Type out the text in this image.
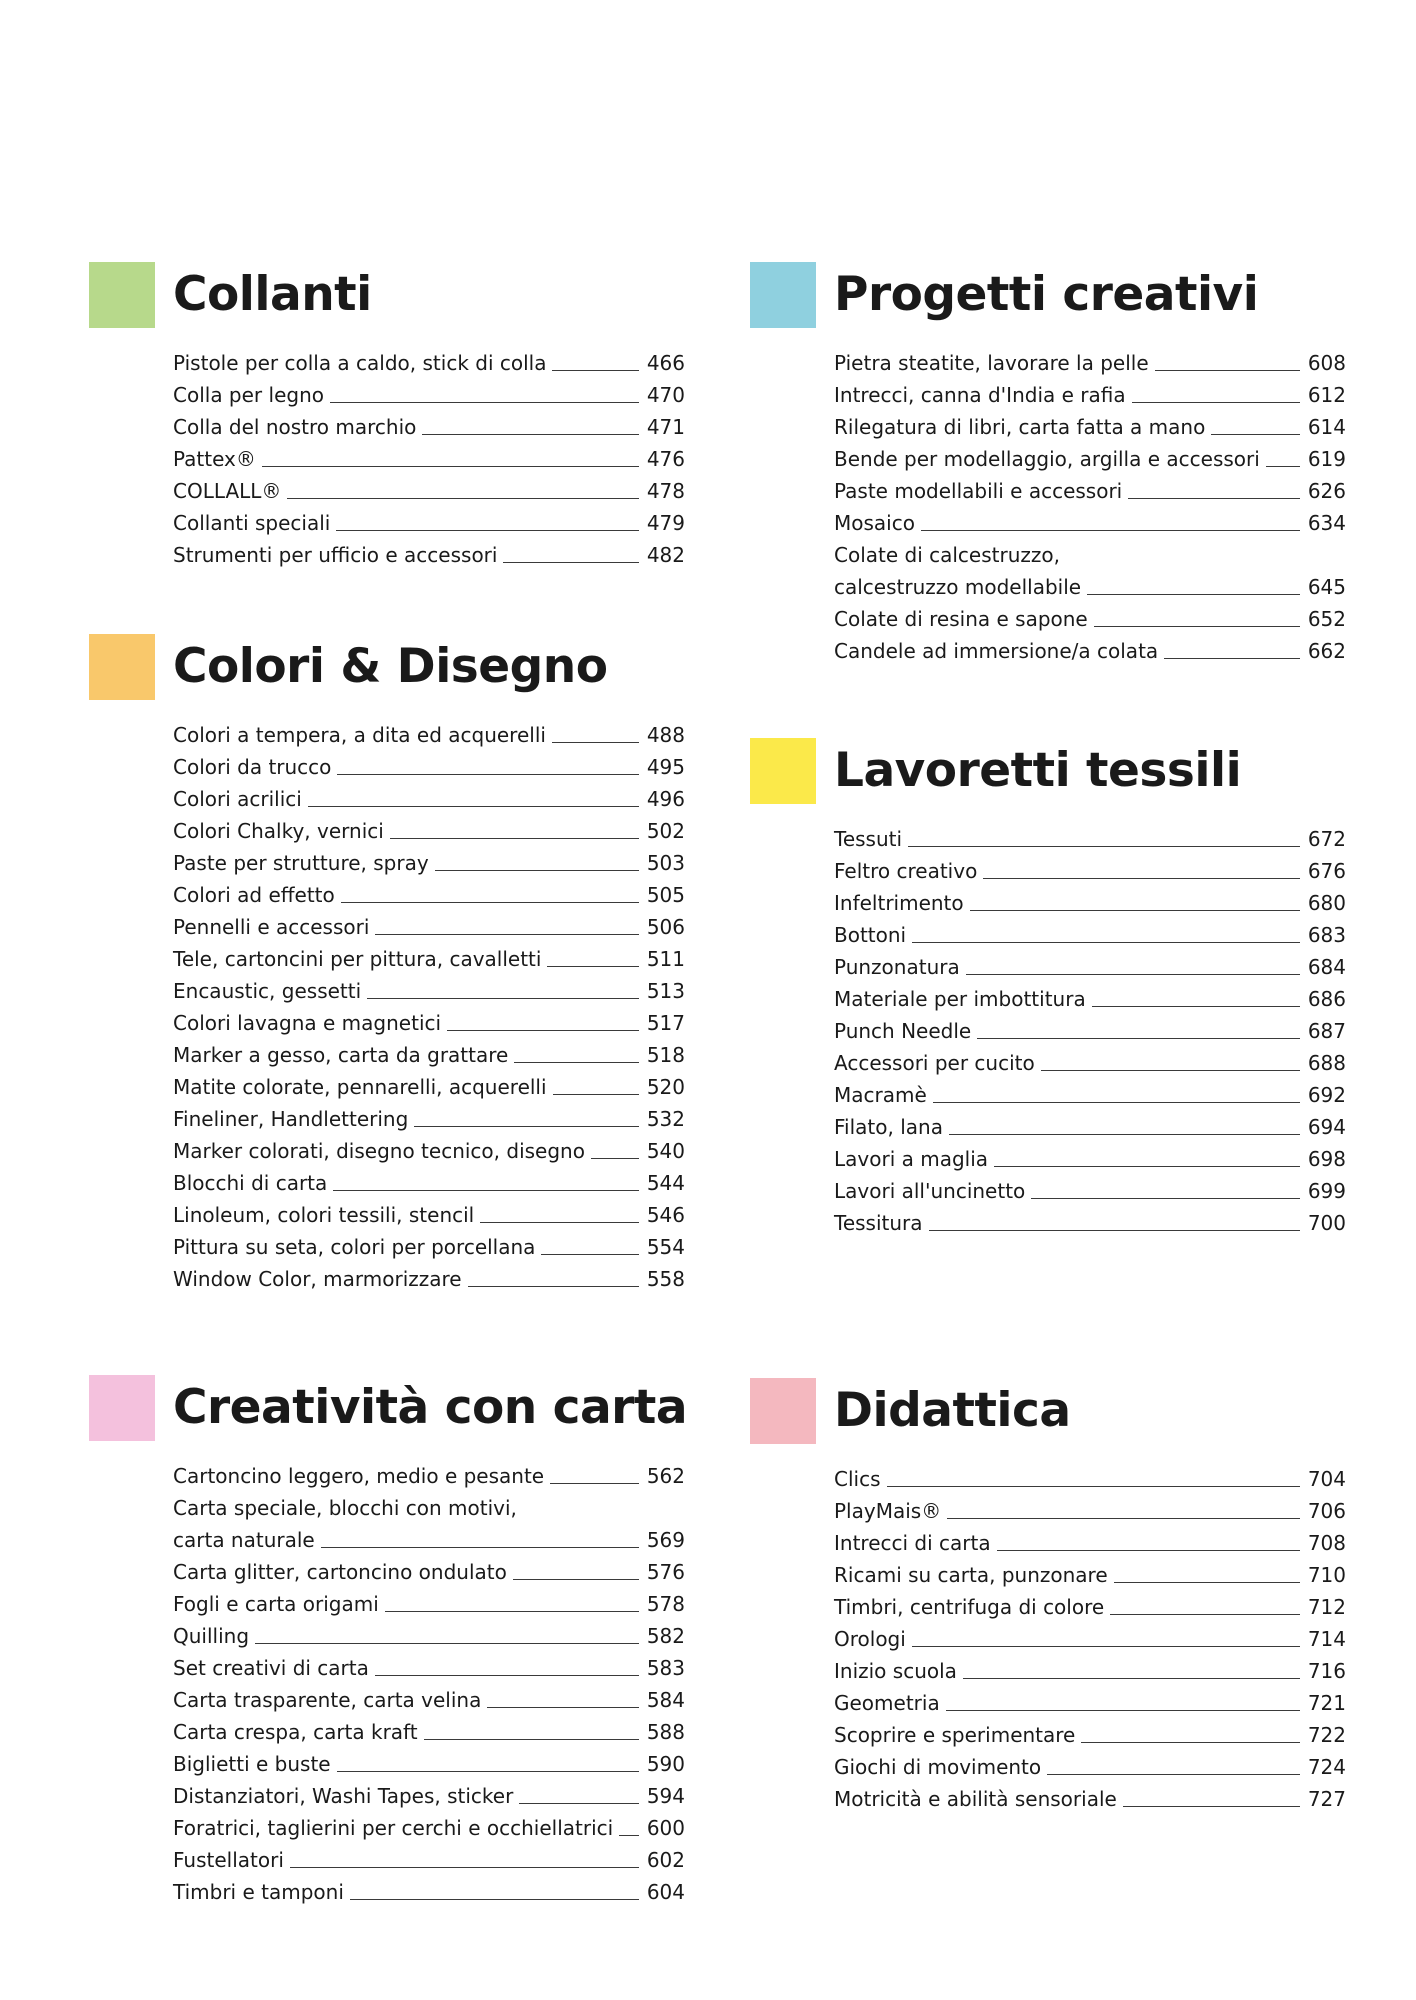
Collanti
Pistole per colla a caldo, stick di colla	466
Colla per legno	470
Colla del nostro marchio	471
Pattex®	476
COLLALL®	478
Collanti speciali	479
Strumenti per ufficio e accessori	482
Colori & Disegno
Colori a tempera, a dita ed acquerelli	488
Colori da trucco	495
Colori acrilici	496
Colori Chalky, vernici	502
Paste per strutture, spray	503
Colori ad effetto	505
Pennelli e accessori	506
Tele, cartoncini per pittura, cavalletti	511
Encaustic, gessetti	513
Colori lavagna e magnetici	517
Marker a gesso, carta da grattare	518
Matite colorate, pennarelli, acquerelli	520
Fineliner, Handlettering	532
Marker colorati, disegno tecnico, disegno	540
Blocchi di carta	544
Linoleum, colori tessili, stencil	546
Pittura su seta, colori per porcellana	554
Window Color, marmorizzare	558
Creatività con carta
Cartoncino leggero, medio e pesante	562
Carta speciale, blocchi con motivi,
carta naturale	569
Carta glitter, cartoncino ondulato	576
Fogli e carta origami	578
Quilling	582
Set creativi di carta	583
Carta trasparente, carta velina	584
Carta crespa, carta kraft	588
Biglietti e buste	590
Distanziatori, Washi Tapes, sticker	594
Foratrici, taglierini per cerchi e occhiellatrici 600
Fustellatori	602
Timbri e tamponi	604
Progetti creativi
Pietra steatite, lavorare la pelle	608
Intrecci, canna d'India e rafia	612
Rilegatura di libri, carta fatta a mano	614
Bende per modellaggio, argilla e accessori 619
Paste modellabili e accessori	626
Mosaico	634
Colate di calcestruzzo,
calcestruzzo modellabile	645
Colate di resina e sapone	652
Candele ad immersione/a colata	662
Lavoretti tessili
Tessuti	672
Feltro creativo	676
Infeltrimento	680
Bottoni	683
Punzonatura	684
Materiale per imbottitura	686
Punch Needle	687
Accessori per cucito	688
Macramè	692
Filato, lana	694
Lavori a maglia	698
Lavori all'uncinetto	699
Tessitura	700
Didattica
Clics	704
PlayMais®	706
Intrecci di carta	708
Ricami su carta, punzonare	710
Timbri, centrifuga di colore	712
Orologi	714
Inizio scuola	716
Geometria	721
Scoprire e sperimentare	722
Giochi di movimento	724
Motricità e abilità sensoriale	727
